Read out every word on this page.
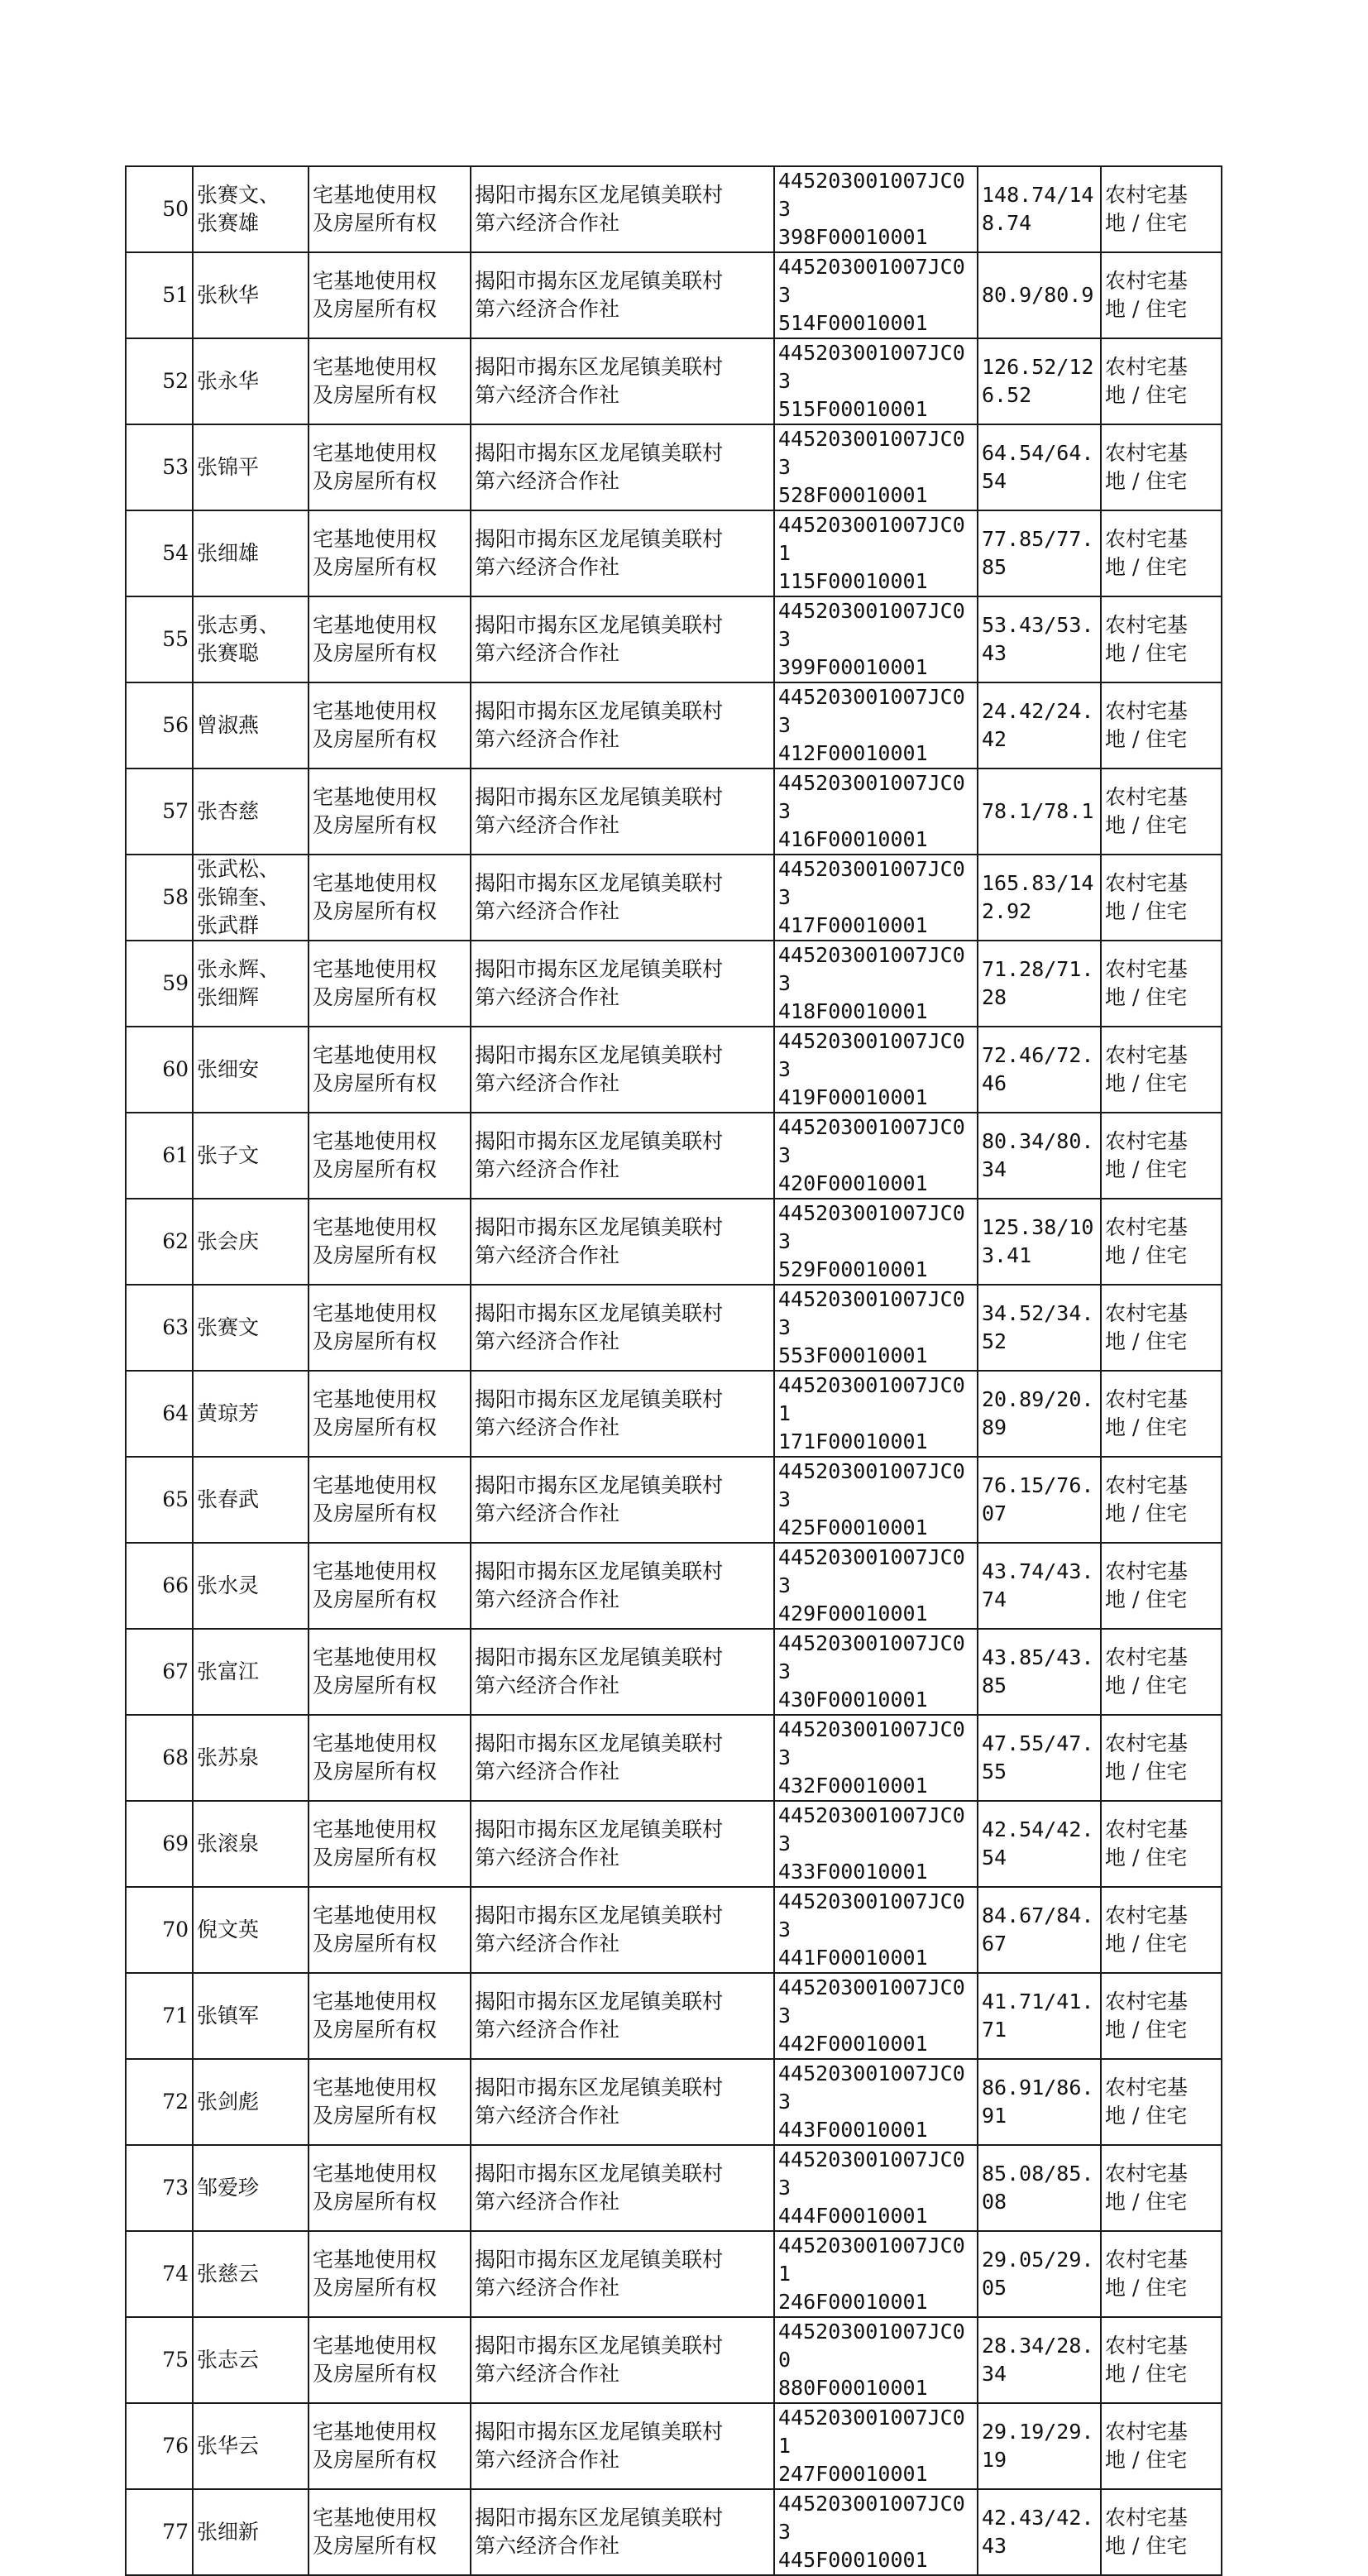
50	张赛文、
张赛雄	宅基地使用权
及房屋所有权	揭阳市揭东区龙尾镇美联村
第六经济合作社	445203001007JC03
398F00010001	148.74/14
8.74	农村宅基
地 / 住宅
51	张秋华	宅基地使用权
及房屋所有权	揭阳市揭东区龙尾镇美联村
第六经济合作社	445203001007JC03
514F00010001	80.9/80.9	农村宅基
地 / 住宅
52	张永华	宅基地使用权
及房屋所有权	揭阳市揭东区龙尾镇美联村
第六经济合作社	445203001007JC03
515F00010001	126.52/12
6.52	农村宅基
地 / 住宅
53	张锦平	宅基地使用权
及房屋所有权	揭阳市揭东区龙尾镇美联村
第六经济合作社	445203001007JC03
528F00010001	64.54/64.
54	农村宅基
地 / 住宅
54	张细雄	宅基地使用权
及房屋所有权	揭阳市揭东区龙尾镇美联村
第六经济合作社	445203001007JC01
115F00010001	77.85/77.
85	农村宅基
地 / 住宅
55	张志勇、
张赛聪	宅基地使用权
及房屋所有权	揭阳市揭东区龙尾镇美联村
第六经济合作社	445203001007JC03
399F00010001	53.43/53.
43	农村宅基
地 / 住宅
56	曾淑燕	宅基地使用权
及房屋所有权	揭阳市揭东区龙尾镇美联村
第六经济合作社	445203001007JC03
412F00010001	24.42/24.
42	农村宅基
地 / 住宅
57	张杏慈	宅基地使用权
及房屋所有权	揭阳市揭东区龙尾镇美联村
第六经济合作社	445203001007JC03
416F00010001	78.1/78.1	农村宅基
地 / 住宅
58	张武松、
张锦奎、
张武群	宅基地使用权
及房屋所有权	揭阳市揭东区龙尾镇美联村
第六经济合作社	445203001007JC03
417F00010001	165.83/14
2.92	农村宅基
地 / 住宅
59	张永辉、
张细辉	宅基地使用权
及房屋所有权	揭阳市揭东区龙尾镇美联村
第六经济合作社	445203001007JC03
418F00010001	71.28/71.
28	农村宅基
地 / 住宅
60	张细安	宅基地使用权
及房屋所有权	揭阳市揭东区龙尾镇美联村
第六经济合作社	445203001007JC03
419F00010001	72.46/72.
46	农村宅基
地 / 住宅
61	张子文	宅基地使用权
及房屋所有权	揭阳市揭东区龙尾镇美联村
第六经济合作社	445203001007JC03
420F00010001	80.34/80.
34	农村宅基
地 / 住宅
62	张会庆	宅基地使用权
及房屋所有权	揭阳市揭东区龙尾镇美联村
第六经济合作社	445203001007JC03
529F00010001	125.38/10
3.41	农村宅基
地 / 住宅
63	张赛文	宅基地使用权
及房屋所有权	揭阳市揭东区龙尾镇美联村
第六经济合作社	445203001007JC03
553F00010001	34.52/34.
52	农村宅基
地 / 住宅
64	黄琼芳	宅基地使用权
及房屋所有权	揭阳市揭东区龙尾镇美联村
第六经济合作社	445203001007JC01
171F00010001	20.89/20.
89	农村宅基
地 / 住宅
65	张春武	宅基地使用权
及房屋所有权	揭阳市揭东区龙尾镇美联村
第六经济合作社	445203001007JC03
425F00010001	76.15/76.
07	农村宅基
地 / 住宅
66	张水灵	宅基地使用权
及房屋所有权	揭阳市揭东区龙尾镇美联村
第六经济合作社	445203001007JC03
429F00010001	43.74/43.
74	农村宅基
地 / 住宅
67	张富江	宅基地使用权
及房屋所有权	揭阳市揭东区龙尾镇美联村
第六经济合作社	445203001007JC03
430F00010001	43.85/43.
85	农村宅基
地 / 住宅
68	张苏泉	宅基地使用权
及房屋所有权	揭阳市揭东区龙尾镇美联村
第六经济合作社	445203001007JC03
432F00010001	47.55/47.
55	农村宅基
地 / 住宅
69	张滚泉	宅基地使用权
及房屋所有权	揭阳市揭东区龙尾镇美联村
第六经济合作社	445203001007JC03
433F00010001	42.54/42.
54	农村宅基
地 / 住宅
70	倪文英	宅基地使用权
及房屋所有权	揭阳市揭东区龙尾镇美联村
第六经济合作社	445203001007JC03
441F00010001	84.67/84.
67	农村宅基
地 / 住宅
71	张镇军	宅基地使用权
及房屋所有权	揭阳市揭东区龙尾镇美联村
第六经济合作社	445203001007JC03
442F00010001	41.71/41.
71	农村宅基
地 / 住宅
72	张剑彪	宅基地使用权
及房屋所有权	揭阳市揭东区龙尾镇美联村
第六经济合作社	445203001007JC03
443F00010001	86.91/86.
91	农村宅基
地 / 住宅
73	邹爱珍	宅基地使用权
及房屋所有权	揭阳市揭东区龙尾镇美联村
第六经济合作社	445203001007JC03
444F00010001	85.08/85.
08	农村宅基
地 / 住宅
74	张慈云	宅基地使用权
及房屋所有权	揭阳市揭东区龙尾镇美联村
第六经济合作社	445203001007JC01
246F00010001	29.05/29.
05	农村宅基
地 / 住宅
75	张志云	宅基地使用权
及房屋所有权	揭阳市揭东区龙尾镇美联村
第六经济合作社	445203001007JC00
880F00010001	28.34/28.
34	农村宅基
地 / 住宅
76	张华云	宅基地使用权
及房屋所有权	揭阳市揭东区龙尾镇美联村
第六经济合作社	445203001007JC01
247F00010001	29.19/29.
19	农村宅基
地 / 住宅
77	张细新	宅基地使用权
及房屋所有权	揭阳市揭东区龙尾镇美联村
第六经济合作社	445203001007JC03
445F00010001	42.43/42.
43	农村宅基
地 / 住宅
